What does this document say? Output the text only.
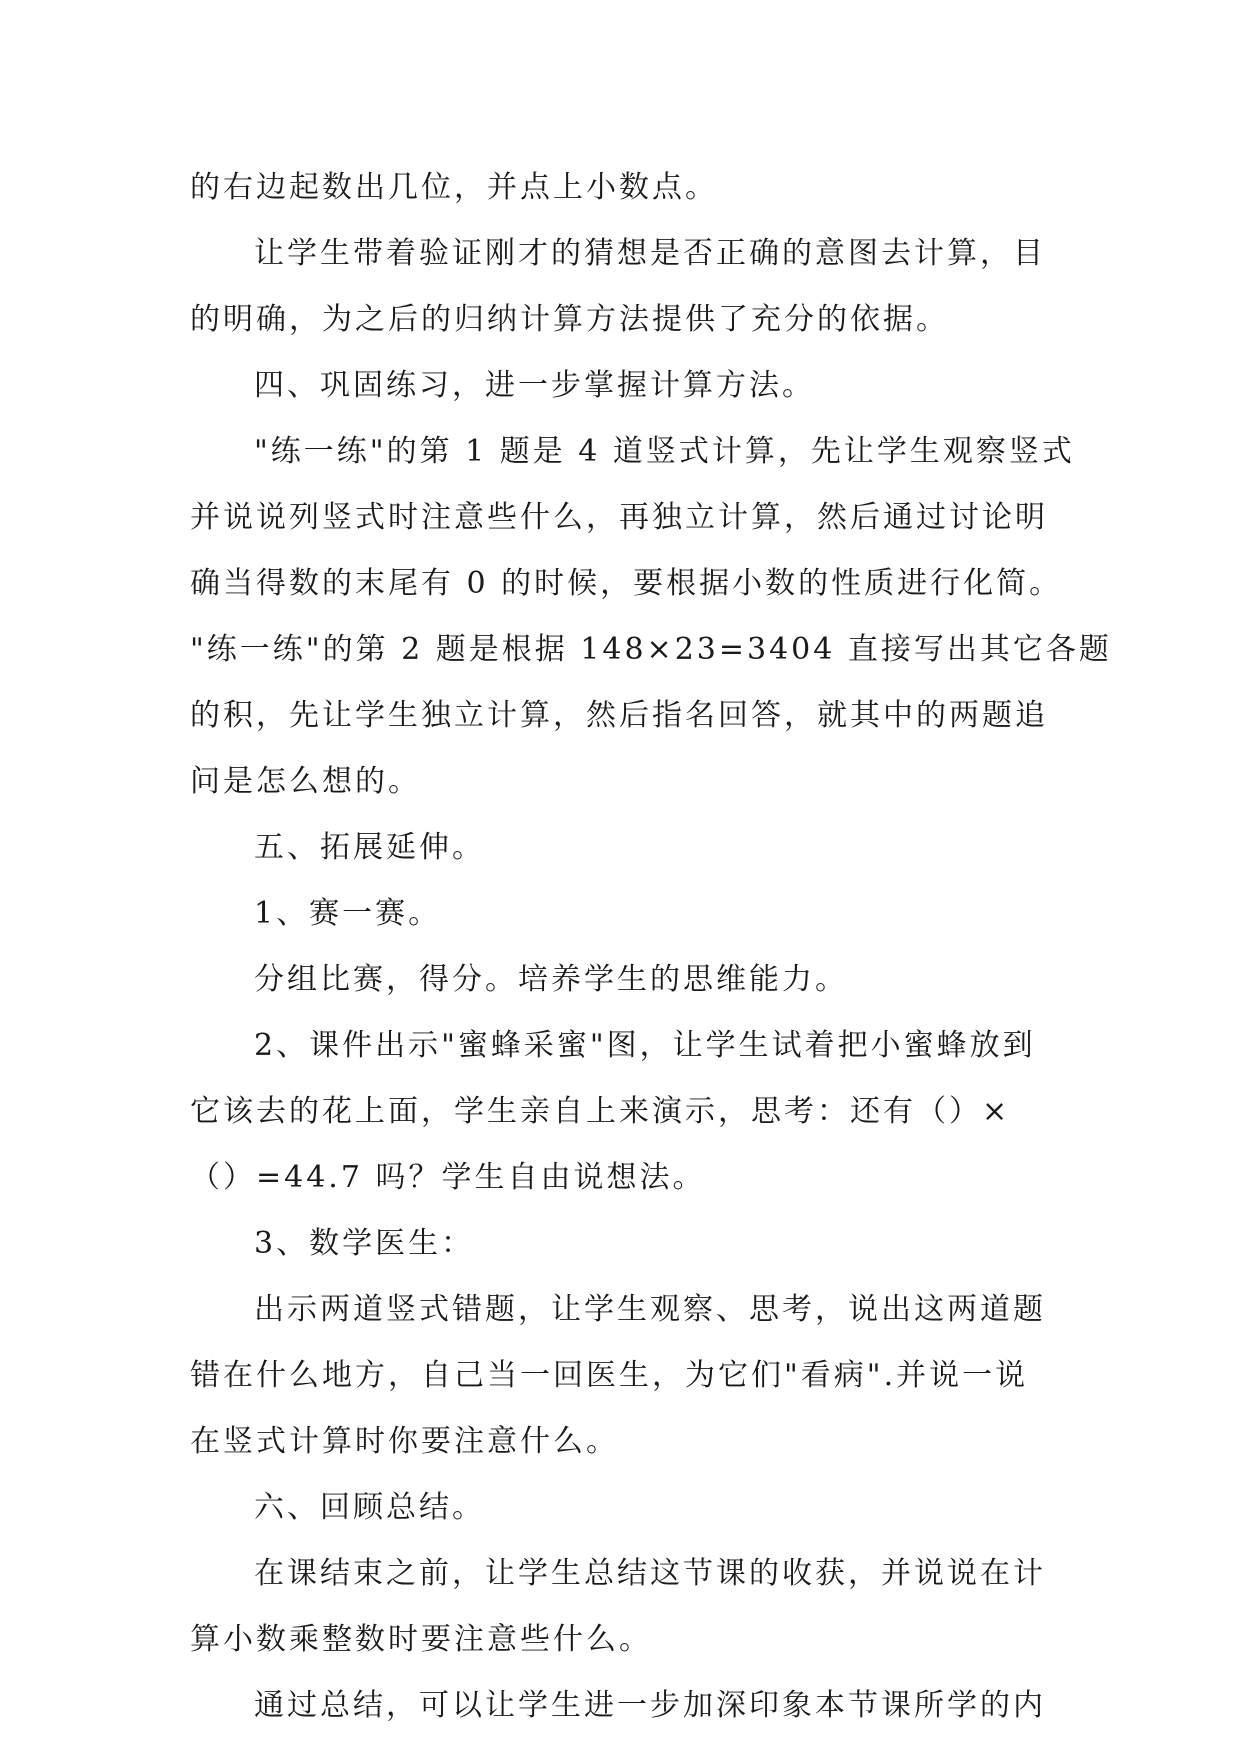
的右边起数出几位，并点上小数点。
让学生带着验证刚才的猜想是否正确的意图去计算，目
的明确，为之后的归纳计算方法提供了充分的依据。
四、巩固练习，进一步掌握计算方法。
"练一练"的第 1 题是 4 道竖式计算，先让学生观察竖式
并说说列竖式时注意些什么，再独立计算，然后通过讨论明
确当得数的末尾有 0 的时候，要根据小数的性质进行化简。
"练一练"的第 2 题是根据 148×23=3404 直接写出其它各题
的积，先让学生独立计算，然后指名回答，就其中的两题追
问是怎么想的。
五、拓展延伸。
1、赛一赛。
分组比赛，得分。培养学生的思维能力。
2、课件出示"蜜蜂采蜜"图，让学生试着把小蜜蜂放到
它该去的花上面，学生亲自上来演示，思考：还有（）×
（）=44.7 吗？学生自由说想法。
3、数学医生：
出示两道竖式错题，让学生观察、思考，说出这两道题
错在什么地方，自己当一回医生，为它们"看病".并说一说
在竖式计算时你要注意什么。
六、回顾总结。
在课结束之前，让学生总结这节课的收获，并说说在计
算小数乘整数时要注意些什么。
通过总结，可以让学生进一步加深印象本节课所学的内
